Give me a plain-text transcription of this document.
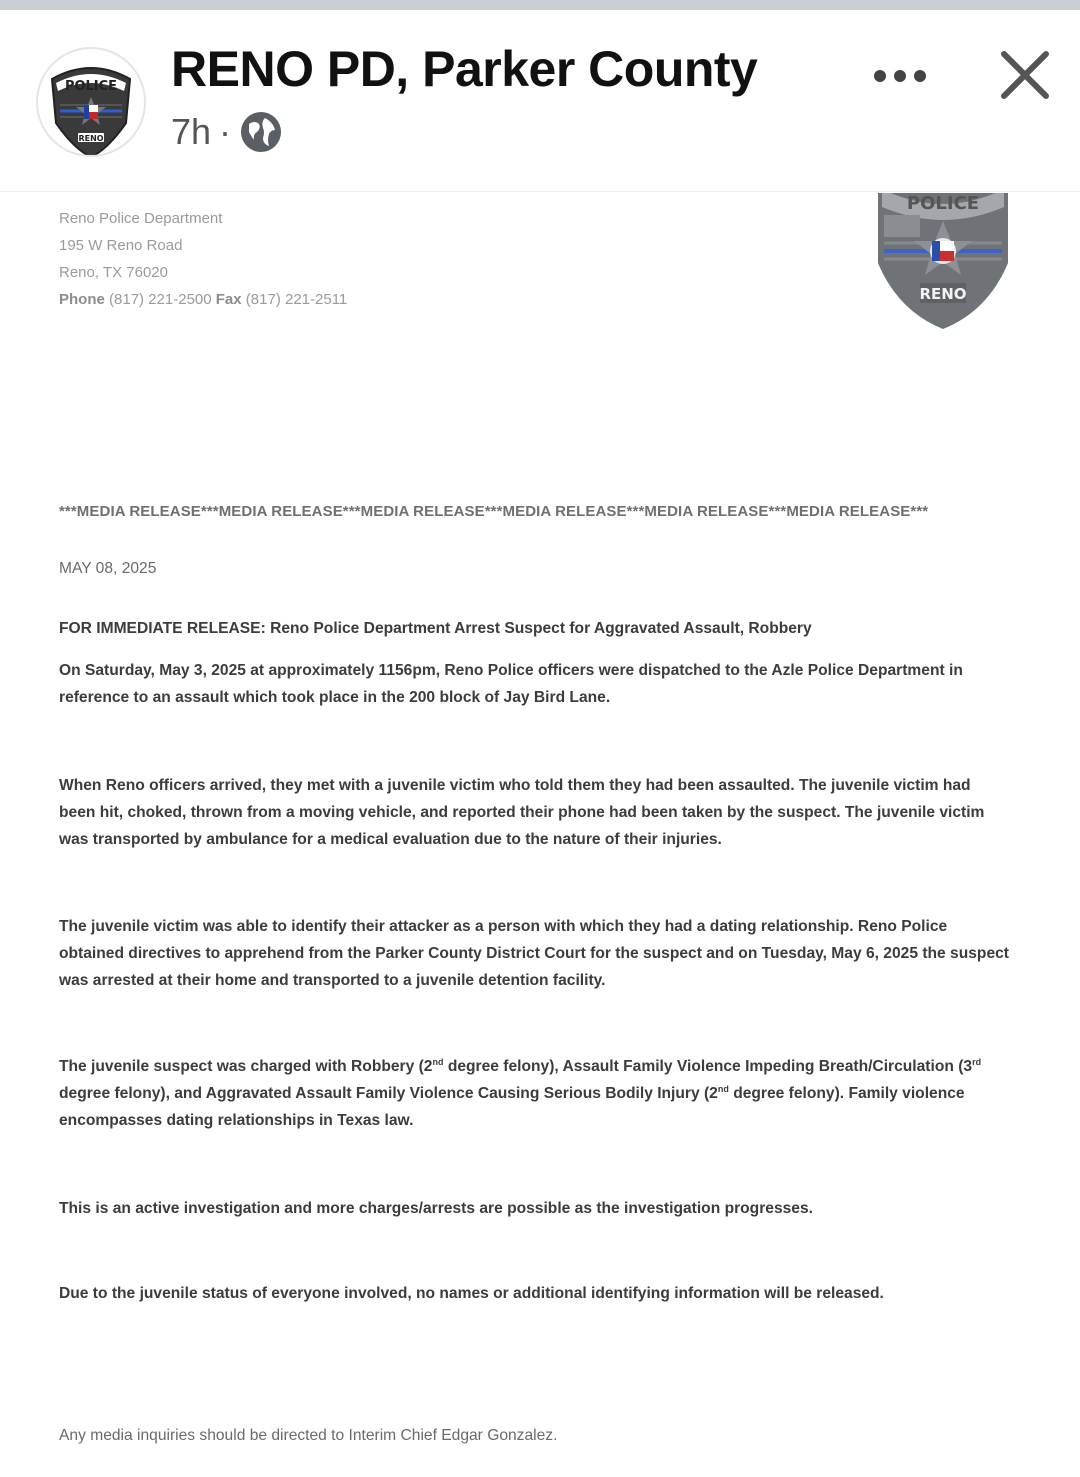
POLICE
RENO
RENO PD, Parker County
7h ·
Reno Police Department
195 W Reno Road
Reno, TX 76020
Phone (817) 221-2500 Fax (817) 221-2511
POLICE
RENO
***MEDIA RELEASE***MEDIA RELEASE***MEDIA RELEASE***MEDIA RELEASE***MEDIA RELEASE***MEDIA RELEASE***
MAY 08, 2025
FOR IMMEDIATE RELEASE: Reno Police Department Arrest Suspect for Aggravated Assault, Robbery
On Saturday, May 3, 2025 at approximately 1156pm, Reno Police officers were dispatched to the Azle Police Department in reference to an assault which took place in the 200 block of Jay Bird Lane.
When Reno officers arrived, they met with a juvenile victim who told them they had been assaulted. The juvenile victim had been hit, choked, thrown from a moving vehicle, and reported their phone had been taken by the suspect. The juvenile victim was transported by ambulance for a medical evaluation due to the nature of their injuries.
The juvenile victim was able to identify their attacker as a person with which they had a dating relationship. Reno Police obtained directives to apprehend from the Parker County District Court for the suspect and on Tuesday, May 6, 2025 the suspect was arrested at their home and transported to a juvenile detention facility.
The juvenile suspect was charged with Robbery (2nd degree felony), Assault Family Violence Impeding Breath/Circulation (3rd degree felony), and Aggravated Assault Family Violence Causing Serious Bodily Injury (2nd degree felony). Family violence encompasses dating relationships in Texas law.
This is an active investigation and more charges/arrests are possible as the investigation progresses.
Due to the juvenile status of everyone involved, no names or additional identifying information will be released.
Any media inquiries should be directed to Interim Chief Edgar Gonzalez.
